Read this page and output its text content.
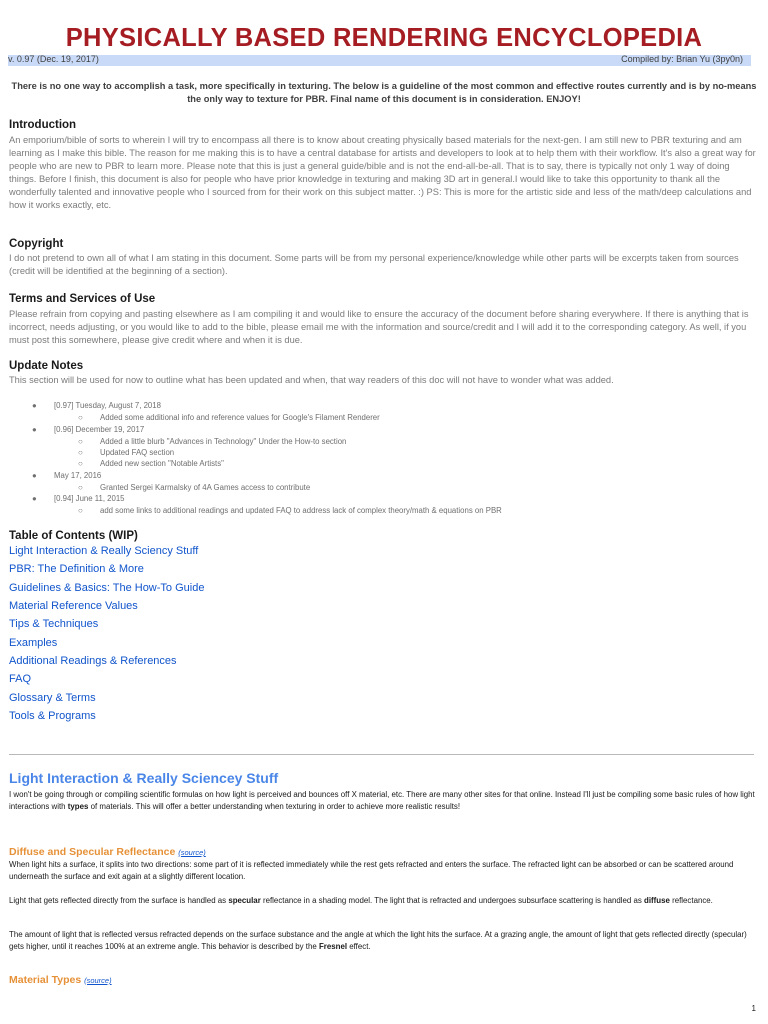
PHYSICALLY BASED RENDERING ENCYCLOPEDIA
v. 0.97 (Dec. 19, 2017)	Compiled by: Brian Yu (3py0n)
There is no one way to accomplish a task, more specifically in texturing. The below is a guideline of the most common and effective routes currently and is by no-means the only way to texture for PBR. Final name of this document is in consideration. ENJOY!
Introduction
An emporium/bible of sorts to wherein I will try to encompass all there is to know about creating physically based materials for the next-gen. I am still new to PBR texturing and am learning as I make this bible. The reason for me making this is to have a central database for artists and developers to look at to help them with their workflow. It's also a great way for people who are new to PBR to learn more. Please note that this is just a general guide/bible and is not the end-all-be-all. That is to say, there is typically not only 1 way of doing things. Before I finish, this document is also for people who have prior knowledge in texturing and making 3D art in general.I would like to take this opportunity to thank all the wonderfully talented and innovative people who I sourced from for their work on this subject matter. :) PS: This is more for the artistic side and less of the math/deep calculations and how it works exactly, etc.
Copyright
I do not pretend to own all of what I am stating in this document. Some parts will be from my personal experience/knowledge while other parts will be excerpts taken from sources (credit will be identified at the beginning of a section).
Terms and Services of Use
Please refrain from copying and pasting elsewhere as I am compiling it and would like to ensure the accuracy of the document before sharing everywhere. If there is anything that is incorrect, needs adjusting, or you would like to add to the bible, please email me with the information and source/credit and I will add it to the corresponding category. As well, if you must post this somewhere, please give credit where and when it is due.
Update Notes
This section will be used for now to outline what has been updated and when, that way readers of this doc will not have to wonder what was added.
● [0.97] Tuesday, August 7, 2018
○ Added some additional info and reference values for Google's Filament Renderer
● [0.96] December 19, 2017
○ Added a little blurb "Advances in Technology" Under the How-to section
○ Updated FAQ section
○ Added new section "Notable Artists"
● May 17, 2016
○ Granted Sergei Karmalsky of 4A Games access to contribute
● [0.94] June 11, 2015
○ add some links to additional readings and updated FAQ to address lack of complex theory/math & equations on PBR
Table of Contents (WIP)
Light Interaction & Really Sciency Stuff
PBR: The Definition & More
Guidelines & Basics: The How-To Guide
Material Reference Values
Tips & Techniques
Examples
Additional Readings & References
FAQ
Glossary & Terms
Tools & Programs
Light Interaction & Really Sciencey Stuff
I won't be going through or compiling scientific formulas on how light is perceived and bounces off X material, etc. There are many other sites for that online. Instead I'll just be compiling some basic rules of how light interactions with types of materials. This will offer a better understanding when texturing in order to achieve more realistic results!
Diffuse and Specular Reflectance (source)
When light hits a surface, it splits into two directions: some part of it is reflected immediately while the rest gets refracted and enters the surface. The refracted light can be absorbed or can be scattered around underneath the surface and exit again at a slightly different location.
Light that gets reflected directly from the surface is handled as specular reflectance in a shading model. The light that is refracted and undergoes subsurface scattering is handled as diffuse reflectance.
The amount of light that is reflected versus refracted depends on the surface substance and the angle at which the light hits the surface. At a grazing angle, the amount of light that gets reflected directly (specular) gets higher, until it reaches 100% at an extreme angle. This behavior is described by the Fresnel effect.
Material Types (source)
1
